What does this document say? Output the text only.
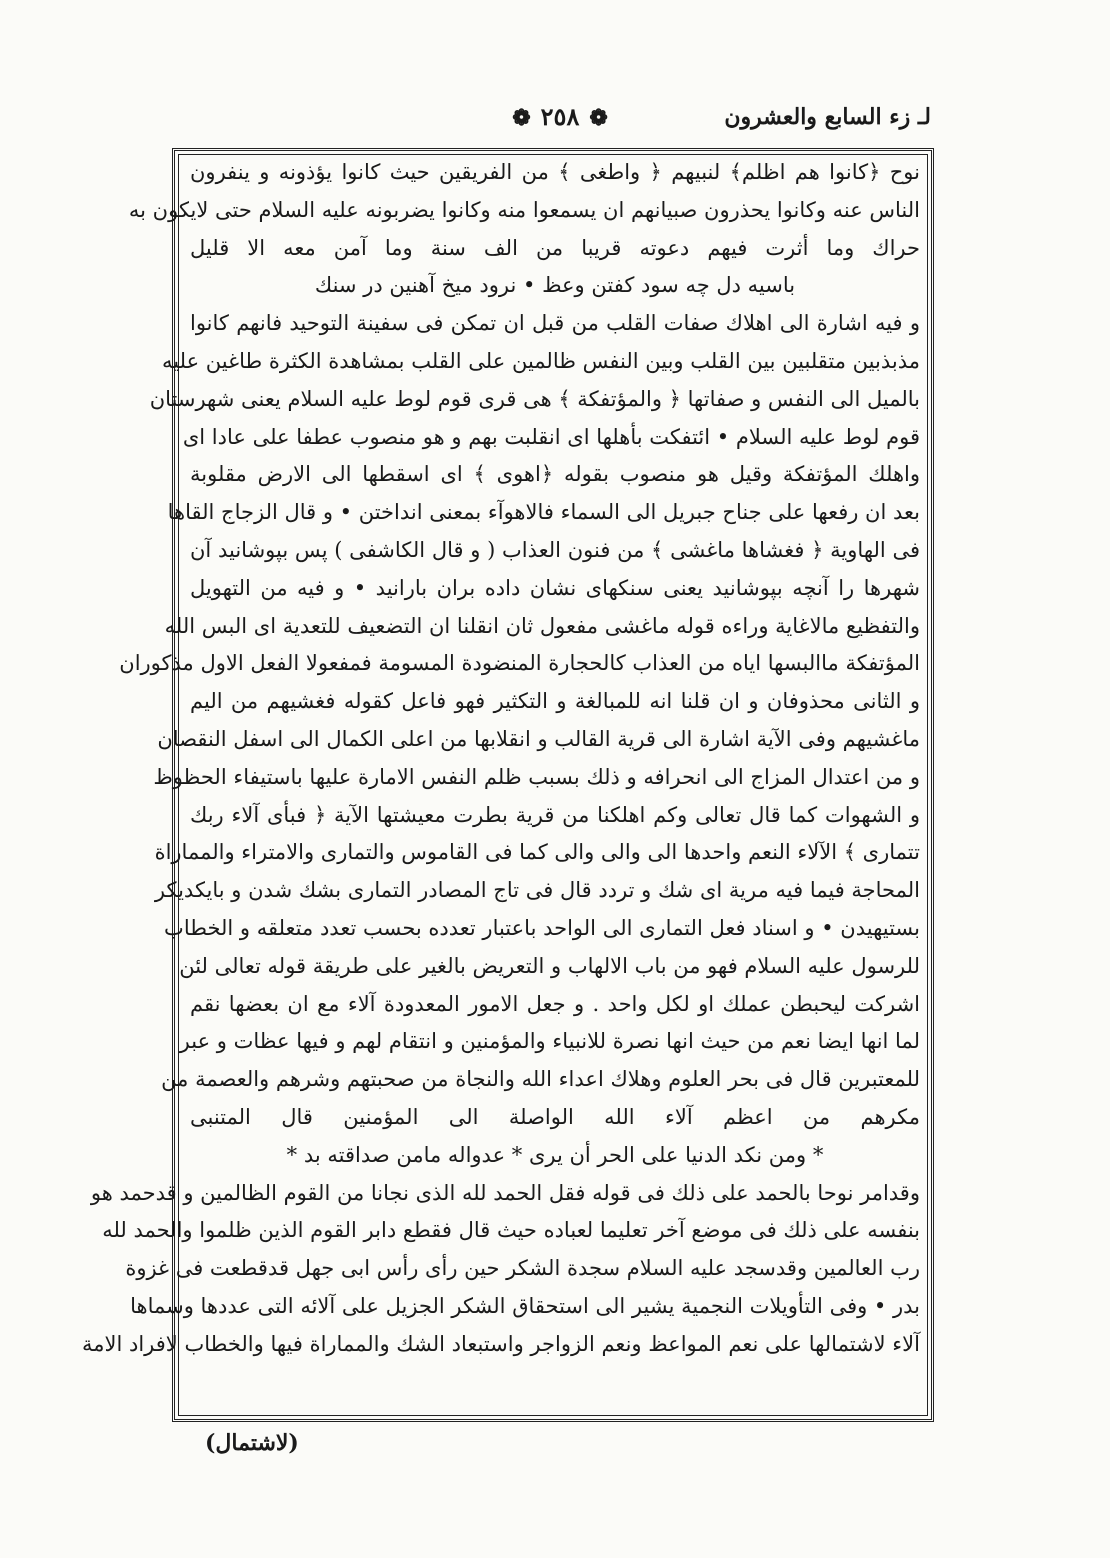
لـ زء السابع والعشرون
❁ ٢٥٨ ❁
نوح ﴿كانوا هم اظلم﴾ لنبيهم ﴿ واطغى ﴾ من الفريقين حيث كانوا يؤذونه و ينفرون
الناس عنه وكانوا يحذرون صبيانهم ان يسمعوا منه وكانوا يضربونه عليه السلام حتى لايكون به
حراك وما أثرت فيهم دعوته قريبا من الف سنة وما آمن معه الا قليل
باسيه دل چه سود كفتن وعظ • نرود ميخ آهنين در سنك
و فيه اشارة الى اهلاك صفات القلب من قبل ان تمكن فى سفينة التوحيد فانهم كانوا
مذبذبين متقلبين بين القلب وبين النفس ظالمين على القلب بمشاهدة الكثرة طاغين عليه
بالميل الى النفس و صفاتها ﴿ والمؤتفكة ﴾ هى قرى قوم لوط عليه السلام يعنى شهرستان
قوم لوط عليه السلام • ائتفكت بأهلها اى انقلبت بهم و هو منصوب عطفا على عادا اى
واهلك المؤتفكة وقيل هو منصوب بقوله ﴿اهوى ﴾ اى اسقطها الى الارض مقلوبة
بعد ان رفعها على جناح جبريل الى السماء فالاهوآء بمعنى انداختن • و قال الزجاج القاها
فى الهاوية ﴿ فغشاها ماغشى ﴾ من فنون العذاب ( و قال الكاشفى ) پس بپوشانيد آن
شهرها را آنچه بپوشانيد يعنى سنكهاى نشان داده بران بارانيد • و فيه من التهويل
والتفظيع مالاغاية وراءه قوله ماغشى مفعول ثان انقلنا ان التضعيف للتعدية اى البس الله
المؤتفكة ماالبسها اياه من العذاب كالحجارة المنضودة المسومة فمفعولا الفعل الاول مذكوران
و الثانى محذوفان و ان قلنا انه للمبالغة و التكثير فهو فاعل كقوله فغشيهم من اليم
ماغشيهم وفى الآية اشارة الى قرية القالب و انقلابها من اعلى الكمال الى اسفل النقصان
و من اعتدال المزاج الى انحرافه و ذلك بسبب ظلم النفس الامارة عليها باستيفاء الحظوظ
و الشهوات كما قال تعالى وكم اهلكنا من قرية بطرت معيشتها الآية ﴿ فبأى آلاء ربك
تتمارى ﴾ الآلاء النعم واحدها الى والى والى كما فى القاموس والتمارى والامتراء والمماراة
المحاجة فيما فيه مرية اى شك و تردد قال فى تاج المصادر التمارى بشك شدن و بايكديكر
بستيهيدن • و اسناد فعل التمارى الى الواحد باعتبار تعدده بحسب تعدد متعلقه و الخطاب
للرسول عليه السلام فهو من باب الالهاب و التعريض بالغير على طريقة قوله تعالى لئن
اشركت ليحبطن عملك او لكل واحد . و جعل الامور المعدودة آلاء مع ان بعضها نقم
لما انها ايضا نعم من حيث انها نصرة للانبياء والمؤمنين و انتقام لهم و فيها عظات و عبر
للمعتبرين قال فى بحر العلوم وهلاك اعداء الله والنجاة من صحبتهم وشرهم والعصمة من
مكرهم من اعظم آلاء الله الواصلة الى المؤمنين قال المتنبى
* ومن نكد الدنيا على الحر أن يرى * عدواله مامن صداقته بد *
وقدامر نوحا بالحمد على ذلك فى قوله فقل الحمد لله الذى نجانا من القوم الظالمين و قدحمد هو
بنفسه على ذلك فى موضع آخر تعليما لعباده حيث قال فقطع دابر القوم الذين ظلموا والحمد لله
رب العالمين وقدسجد عليه السلام سجدة الشكر حين رأى رأس ابى جهل قدقطعت فى غزوة
بدر • وفى التأويلات النجمية يشير الى استحقاق الشكر الجزيل على آلائه التى عددها وسماها
آلاء لاشتمالها على نعم المواعظ ونعم الزواجر واستبعاد الشك والمماراة فيها والخطاب لافراد الامة
(لاشتمال)
